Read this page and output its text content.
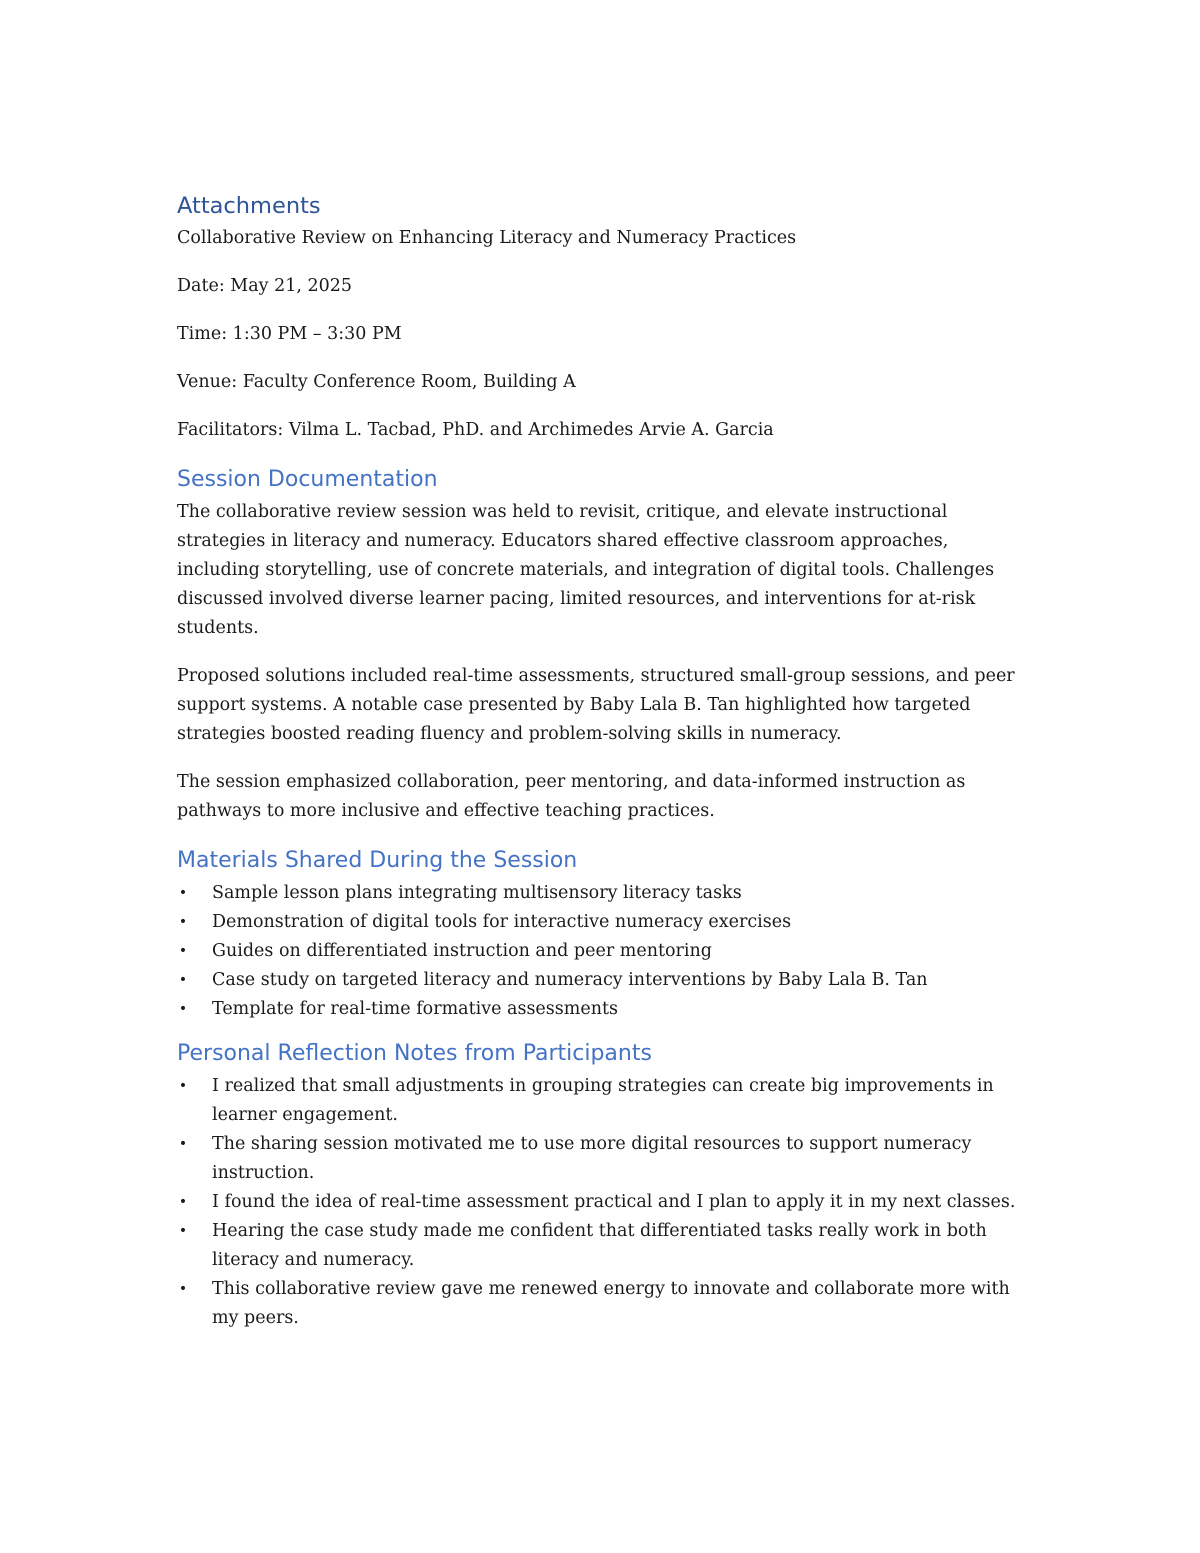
Attachments

Collaborative Review on Enhancing Literacy and Numeracy Practices

Date: May 21, 2025

Time: 1:30 PM – 3:30 PM

Venue: Faculty Conference Room, Building A

Facilitators: Vilma L. Tacbad, PhD. and Archimedes Arvie A. Garcia

Session Documentation

The collaborative review session was held to revisit, critique, and elevate instructional strategies in literacy and numeracy. Educators shared effective classroom approaches, including storytelling, use of concrete materials, and integration of digital tools. Challenges discussed involved diverse learner pacing, limited resources, and interventions for at-risk students.

Proposed solutions included real-time assessments, structured small-group sessions, and peer support systems. A notable case presented by Baby Lala B. Tan highlighted how targeted strategies boosted reading fluency and problem-solving skills in numeracy.

The session emphasized collaboration, peer mentoring, and data-informed instruction as pathways to more inclusive and effective teaching practices.

Materials Shared During the Session
• Sample lesson plans integrating multisensory literacy tasks
• Demonstration of digital tools for interactive numeracy exercises
• Guides on differentiated instruction and peer mentoring
• Case study on targeted literacy and numeracy interventions by Baby Lala B. Tan
• Template for real-time formative assessments
Personal Reflection Notes from Participants
• I realized that small adjustments in grouping strategies can create big improvements in learner engagement.
• The sharing session motivated me to use more digital resources to support numeracy instruction.
• I found the idea of real-time assessment practical and I plan to apply it in my next classes.
• Hearing the case study made me confident that differentiated tasks really work in both literacy and numeracy.
• This collaborative review gave me renewed energy to innovate and collaborate more with my peers.
